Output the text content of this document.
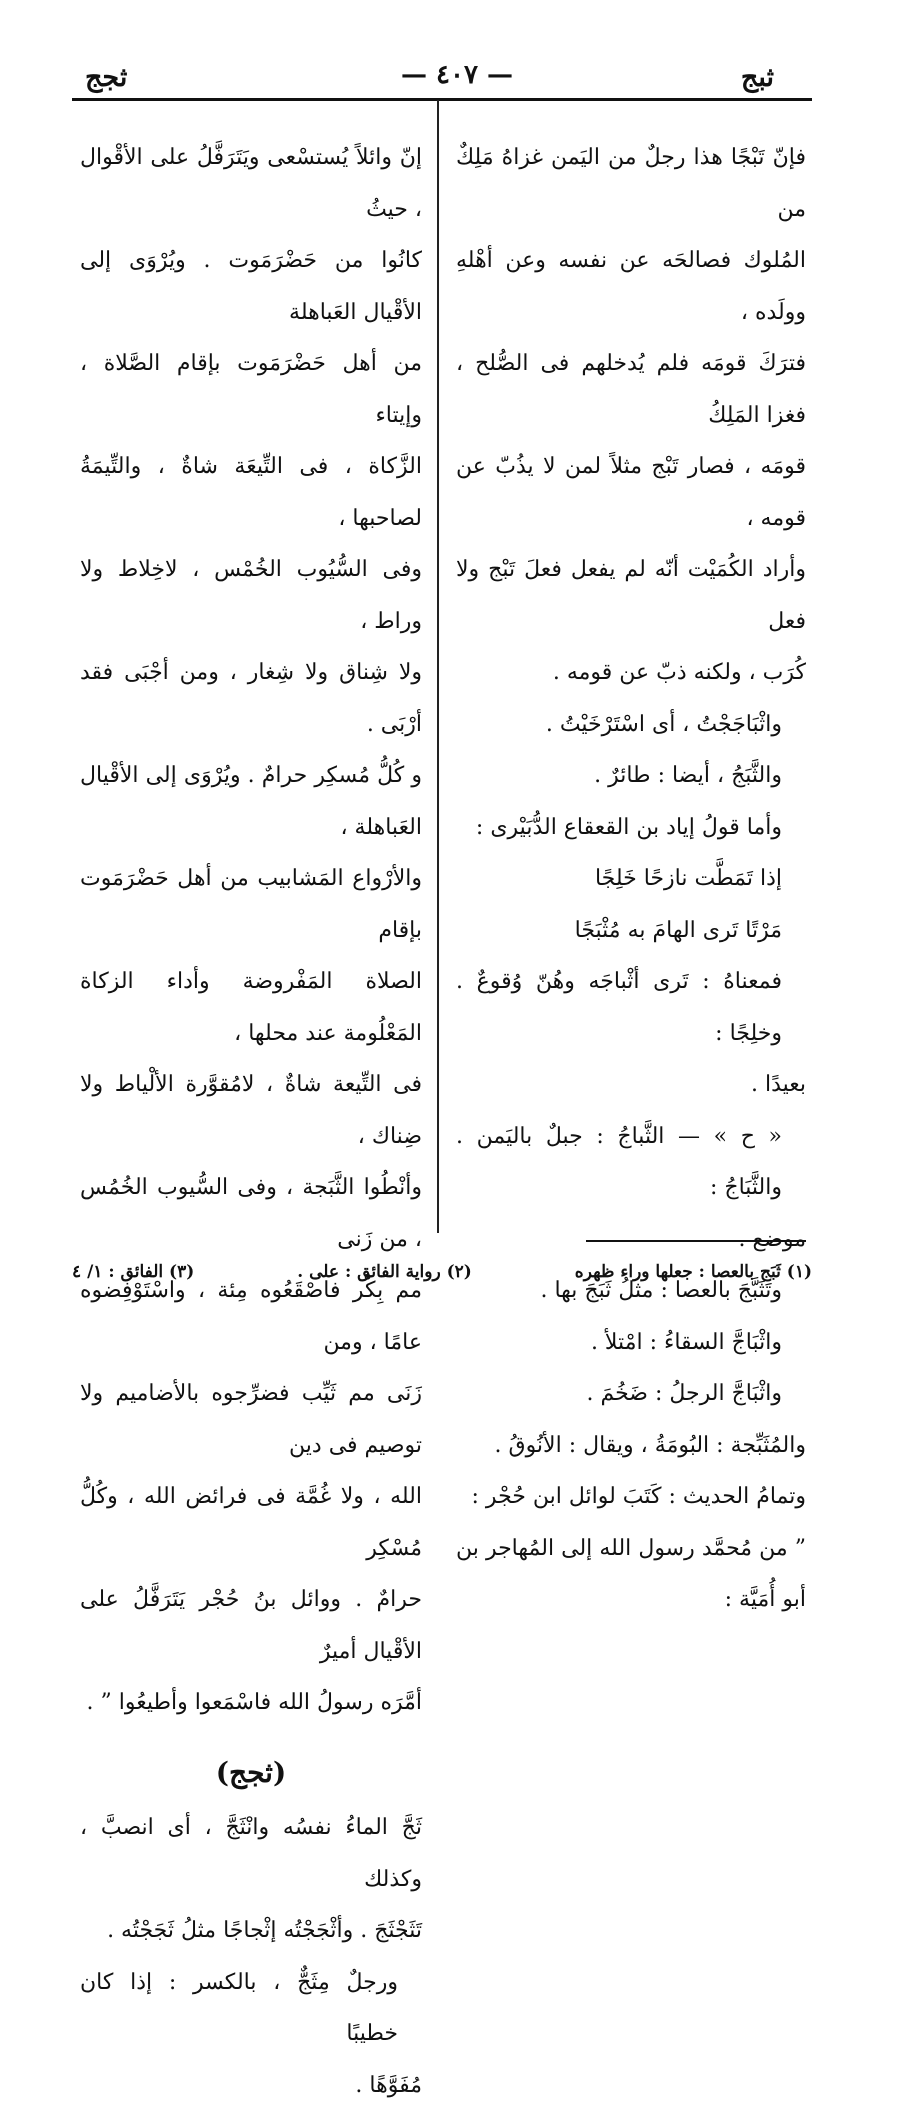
ثبج
— ٤٠٧ —
ثجج

فإنّ تَبْجًا هذا رجلٌ من اليَمن غزاهُ مَلِكٌ من

المُلوك فصالحَه عن نفسه وعن أهْلهِ وولَده ،

فترَكَ قومَه فلم يُدخلهم فى الصُّلح ، فغزا المَلِكُ

قومَه ، فصار تَبْج مثلاً لمن لا يذُبّ عن قومه ،

وأراد الكُمَيْت أنّه لم يفعل فعلَ تَبْج ولا فعل

كُرَب ، ولكنه ذبّ عن قومه .

واثْبَاجَجْتُ ، أى اسْتَرْخَيْتُ .

والثَّبَجُ ، أيضا : طائرٌ .

وأما قولُ إياد بن القعقاع الدُّبَيْرى :

إذا تَمَطَّت نازحًا خَلِجًا

مَرْتًا تَرى الهامَ به مُثْبَجًا

فمعناهُ : تَرى أثْباجَه وهُنّ وُقوعٌ . وخلِجًا :

بعيدًا .

« ح » — الثَّباجُ : جبلٌ باليَمن . والثَّبَاجُ :

موضع .

وتَثَبَّجَ بالعصا : مثلُ ثَبَجَ بها .

واثْبَاجَّ السقاءُ : امْتلأ .

واثْبَاجَّ الرجلُ : ضَخُمَ .

والمُثَبِّجة : البُومَةُ ، ويقال : الأنُوقُ .

وتمامُ الحديث : كَتَبَ لوائل ابن حُجْر :

” من مُحمَّد رسول الله إلى المُهاجر بن أبو أُمَيَّة :

إنّ وائلاً يُستسْعى ويَتَرَفَّلُ على الأقْوال ، حيثُ

كانُوا من حَضْرَمَوت . ويُرْوَى إلى الأقْيال العَباهلة

من أهل حَضْرَمَوت بإقام الصَّلاة ، وإيتاء

الزَّكاة ، فى التِّيعَة شاةٌ ، والتِّيمَةُ لصاحبها ،

وفى السُّيُوب الخُمْس ، لاخِلاط ولا وراط ،

ولا شِناق ولا شِغار ، ومن أجْبَى فقد أرْبَى .

و كُلُّ مُسكِر حرامٌ . ويُرْوَى إلى الأقْيال العَباهلة ،

والأرْواع المَشابيب من أهل حَضْرَمَوت بإقام

الصلاة المَفْروضة وأداء الزكاة المَعْلُومة عند محلها ،

فى التِّيعة شاةٌ ، لامُقوَّرة الألْياط ولا ضِناك ،

وأنْطُوا الثَّبَجة ، وفى السُّيوب الخُمُس ، من زَنى

مم بِكْر فاصْقَعُوه مِئة ، واسْتَوْفِضوه عامًا ، ومن

زَنَى مم ثَيِّب فضرِّجوه بالأضاميم ولا توصيم فى دين

الله ، ولا غُمَّة فى فرائض الله ، وكُلُّ مُسْكِر

حرامٌ . ووائل بنُ حُجْر يَتَرَفَّلُ على الأقْيال أميرٌ

أمَّرَه رسولُ الله فاسْمَعوا وأطيعُوا ” .

(ثجج)

ثَجَّ الماءُ نفسُه وانْثَجَّ ، أى انصبَّ ، وكذلك

تَثَجْثَجَ . وأثْجَجْتُه إثْجاجًا مثلُ ثَجَجْتُه .

ورجلٌ مِثَجٌّ ، بالكسر : إذا كان خطيبًا

مُفَوَّهًا .

(١) ثَبَج بالعصا : جعلها وراء ظهره
(٢) رواية الفائق : على .
(٣) الفائق : ١/ ٤
